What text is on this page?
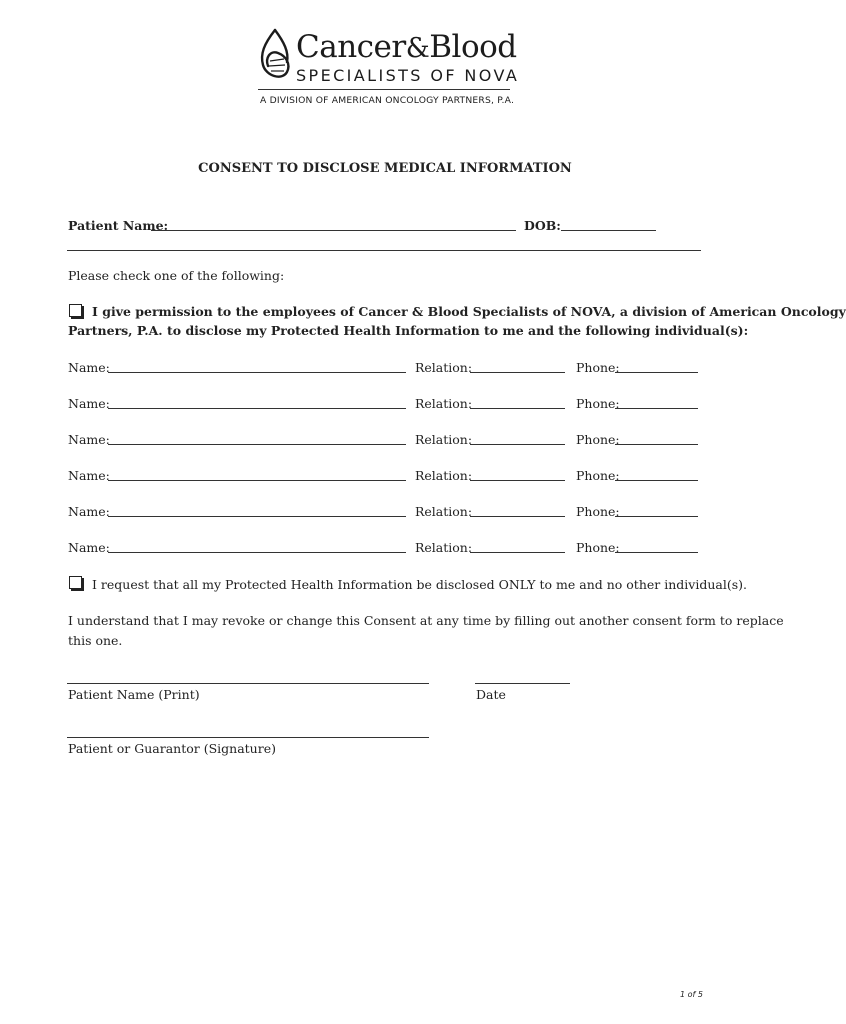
Cancer&Blood
SPECIALISTS OF NOVA
A DIVISION OF AMERICAN ONCOLOGY PARTNERS, P.A.
CONSENT TO DISCLOSE MEDICAL INFORMATION
Patient Name:	DOB:
Please check one of the following:
I give permission to the employees of Cancer & Blood Specialists of NOVA, a division of American Oncology
Partners, P.A. to disclose my Protected Health Information to me and the following individual(s):
Name:	Relation:	Phone:
Name:	Relation:	Phone:
Name:	Relation:	Phone:
Name:	Relation:	Phone:
Name:	Relation:	Phone:
Name:	Relation:	Phone:
I request that all my Protected Health Information be disclosed ONLY to me and no other individual(s).
I understand that I may revoke or change this Consent at any time by filling out another consent form to replace
this one.
Patient Name (Print)	Date
Patient or Guarantor (Signature)
1 of 5
